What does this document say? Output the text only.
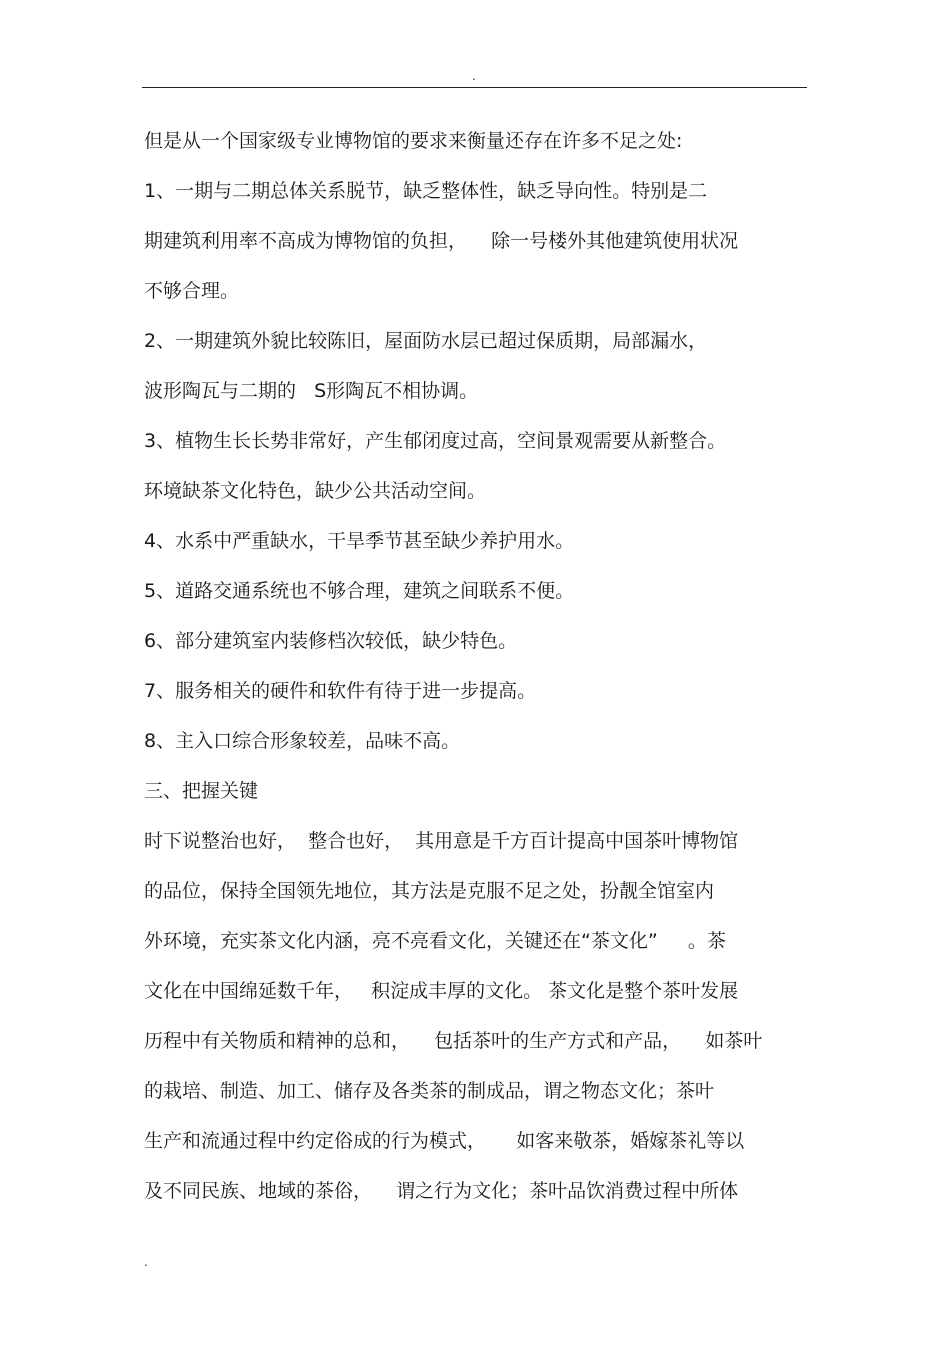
.

但是从一个国家级专业博物馆的要求来衡量还存在许多不足之处:

1、一期与二期总体关系脱节，缺乏整体性，缺乏导向性。特别是二

期建筑利用率不高成为博物馆的负担，    除一号楼外其他建筑使用状况

不够合理。

2、一期建筑外貌比较陈旧，屋面防水层已超过保质期，局部漏水，

波形陶瓦与二期的   S形陶瓦不相协调。

3、植物生长长势非常好，产生郁闭度过高，空间景观需要从新整合。

环境缺茶文化特色，缺少公共活动空间。

4、水系中严重缺水，干旱季节甚至缺少养护用水。

5、道路交通系统也不够合理，建筑之间联系不便。

6、部分建筑室内装修档次较低，缺少特色。

7、服务相关的硬件和软件有待于进一步提高。

8、主入口综合形象较差，品味不高。

三、把握关键

时下说整治也好，  整合也好，  其用意是千方百计提高中国茶叶博物馆

的品位，保持全国领先地位，其方法是克服不足之处，扮靓全馆室内

外环境，充实茶文化内涵，亮不亮看文化，关键还在“茶文化”     。茶

文化在中国绵延数千年，   积淀成丰厚的文化。 茶文化是整个茶叶发展

历程中有关物质和精神的总和，    包括茶叶的生产方式和产品，    如茶叶

的栽培、制造、加工、储存及各类茶的制成品，谓之物态文化；茶叶

生产和流通过程中约定俗成的行为模式，     如客来敬茶，婚嫁茶礼等以

及不同民族、地域的茶俗，    谓之行为文化；茶叶品饮消费过程中所体

.
